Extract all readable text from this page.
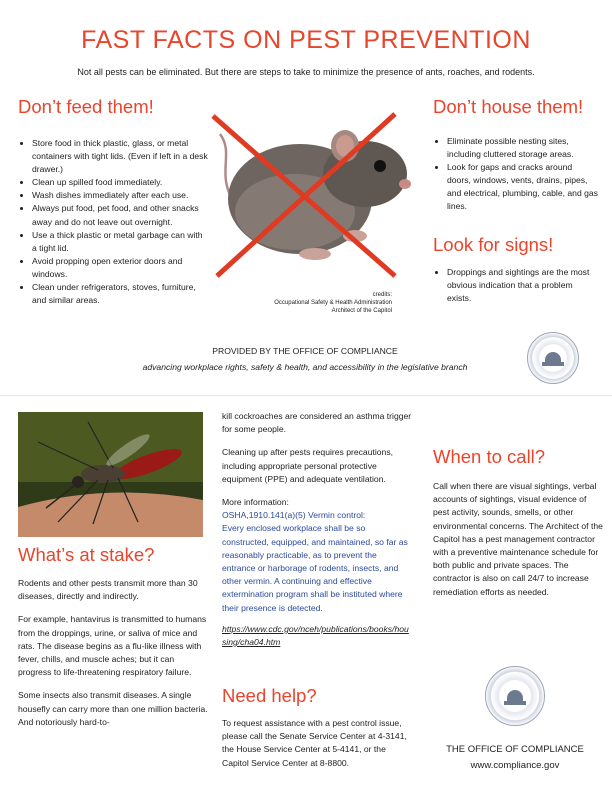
FAST FACTS ON PEST PREVENTION
Not all pests can be eliminated. But there are steps to take to minimize the presence of ants, roaches, and rodents.
Don’t feed them!
• Store food in thick plastic, glass, or metal containers with tight lids. (Even if left in a desk drawer.)
• Clean up spilled food immediately.
• Wash dishes immediately after each use.
• Always put food, pet food, and other snacks away and do not leave out overnight.
• Use a thick plastic or metal garbage can with a tight lid.
• Avoid propping open exterior doors and windows.
• Clean under refrigerators, stoves, furniture, and similar areas.
credits:
Occupational Safety & Health Administration
Architect of the Capitol
Don’t house them!
• Eliminate possible nesting sites, including cluttered storage areas.
• Look for gaps and cracks around doors, windows, vents, drains, pipes, and electrical, plumbing, cable, and gas lines.
Look for signs!
• Droppings and sightings are the most obvious indication that a problem exists.
PROVIDED BY THE OFFICE OF COMPLIANCE
advancing workplace rights, safety & health, and accessibility in the legislative branch
What’s at stake?

Rodents and other pests transmit more than 30 diseases, directly and indirectly.

For example, hantavirus is transmitted to humans from the droppings, urine, or saliva of mice and rats. The disease begins as a flu-like illness with fever, chills, and muscle aches; but it can progress to life-threatening respiratory failure.

Some insects also transmit diseases. A single housefly can carry more than one million bacteria. And notoriously hard-to-

kill cockroaches are considered an asthma trigger for some people.

Cleaning up after pests requires precautions, including appropriate personal protective equipment (PPE) and adequate ventilation.

More information:

OSHA,1910.141(a)(5) Vermin control:

Every enclosed workplace shall be so constructed, equipped, and maintained, so far as reasonably practicable, as to prevent the entrance or harborage of rodents, insects, and other vermin. A continuing and effective extermination program shall be instituted where their presence is detected.

https://www.cdc.gov/nceh/publications/books/housing/cha04.htm

Need help?

To request assistance with a pest control issue, please call the Senate Service Center at 4-3141, the House Service Center at 5-4141, or the Capitol Service Center at 8-8800.

When to call?

Call when there are visual sightings, verbal accounts of sightings, visual evidence of pest activity, sounds, smells, or other environmental concerns. The Architect of the Capitol has a pest management contractor with a preventive maintenance schedule for both public and private spaces. The contractor is also on call 24/7 to increase remediation efforts as needed.

THE OFFICE OF COMPLIANCE
www.compliance.gov
